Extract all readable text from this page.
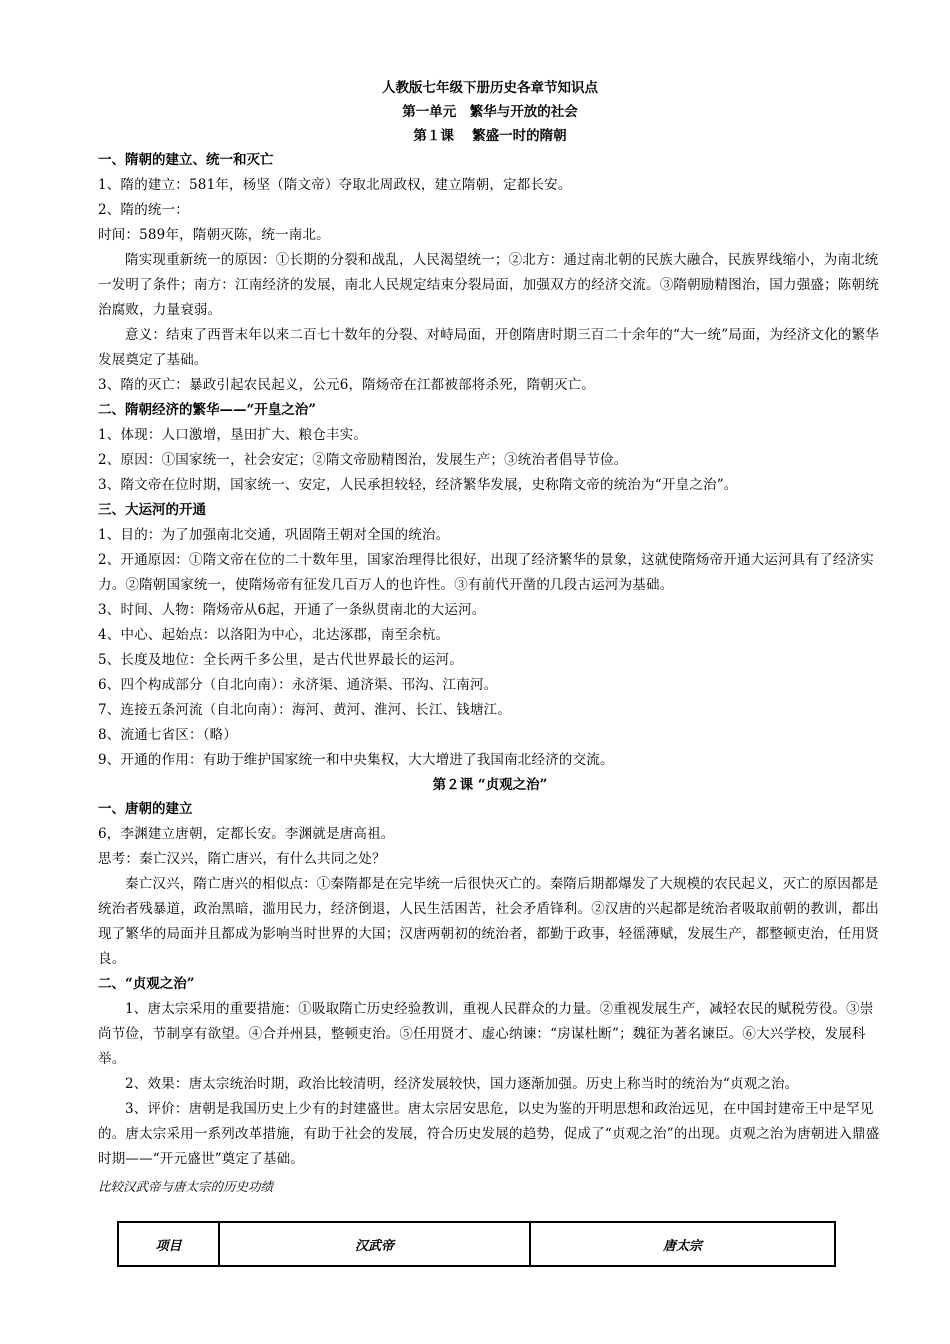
人教版七年级下册历史各章节知识点
第一单元　繁华与开放的社会
第１课　 繁盛一时的隋朝
一、隋朝的建立、统一和灭亡

1、隋的建立：581年，杨坚（隋文帝）夺取北周政权，建立隋朝，定都长安。

2、隋的统一：

时间：589年，隋朝灭陈，统一南北。

隋实现重新统一的原因：①长期的分裂和战乱，人民渴望统一；②北方：通过南北朝的民族大融合，民族界线缩小，为南北统一发明了条件；南方：江南经济的发展，南北人民规定结束分裂局面，加强双方的经济交流。③隋朝励精图治，国力强盛；陈朝统治腐败，力量衰弱。

意义：结束了西晋末年以来二百七十数年的分裂、对峙局面，开创隋唐时期三百二十余年的“大一统”局面，为经济文化的繁华发展奠定了基础。

3、隋的灭亡：暴政引起农民起义，公元6，隋炀帝在江都被部将杀死，隋朝灭亡。

二、隋朝经济的繁华——“开皇之治”

1、体现：人口激增，垦田扩大、粮仓丰实。

2、原因：①国家统一，社会安定；②隋文帝励精图治，发展生产；③统治者倡导节俭。

3、隋文帝在位时期，国家统一、安定，人民承担较轻，经济繁华发展，史称隋文帝的统治为“开皇之治”。

三、大运河的开通

1、目的：为了加强南北交通，巩固隋王朝对全国的统治。

2、开通原因：①隋文帝在位的二十数年里，国家治理得比很好，出现了经济繁华的景象，这就使隋炀帝开通大运河具有了经济实力。②隋朝国家统一，使隋炀帝有征发几百万人的也许性。③有前代开凿的几段古运河为基础。

3、时间、人物：隋炀帝从6起，开通了一条纵贯南北的大运河。

4、中心、起始点：以洛阳为中心，北达涿郡，南至余杭。

5、长度及地位：全长两千多公里，是古代世界最长的运河。

6、四个构成部分（自北向南）：永济渠、通济渠、邗沟、江南河。

7、连接五条河流（自北向南）：海河、黄河、淮河、长江、钱塘江。

8、流通七省区：（略）

9、开通的作用：有助于维护国家统一和中央集权，大大增进了我国南北经济的交流。

第２课 “贞观之治”
一、唐朝的建立

6，李渊建立唐朝，定都长安。李渊就是唐高祖。

思考：秦亡汉兴，隋亡唐兴，有什么共同之处？

秦亡汉兴，隋亡唐兴的相似点：①秦隋都是在完毕统一后很快灭亡的。秦隋后期都爆发了大规模的农民起义，灭亡的原因都是统治者残暴道，政治黑暗，滥用民力，经济倒退，人民生活困苦，社会矛盾锋利。②汉唐的兴起都是统治者吸取前朝的教训，都出现了繁华的局面并且都成为影响当时世界的大国；汉唐两朝初的统治者，都勤于政事，轻徭薄赋，发展生产，都整顿吏治，任用贤良。

二、“贞观之治”

1、唐太宗采用的重要措施：①吸取隋亡历史经验教训，重视人民群众的力量。②重视发展生产，减轻农民的赋税劳役。③崇尚节俭，节制享有欲望。④合并州县，整顿吏治。⑤任用贤才、虚心纳谏：“房谋杜断”；魏征为著名谏臣。⑥大兴学校，发展科举。

2、效果：唐太宗统治时期，政治比较清明，经济发展较快，国力逐渐加强。历史上称当时的统治为“贞观之治。

3、评价：唐朝是我国历史上少有的封建盛世。唐太宗居安思危，以史为鉴的开明思想和政治远见，在中国封建帝王中是罕见的。唐太宗采用一系列改革措施，有助于社会的发展，符合历史发展的趋势，促成了“贞观之治”的出现。贞观之治为唐朝进入鼎盛时期——“开元盛世”奠定了基础。

比较汉武帝与唐太宗的历史功绩
项目	汉武帝	唐太宗
